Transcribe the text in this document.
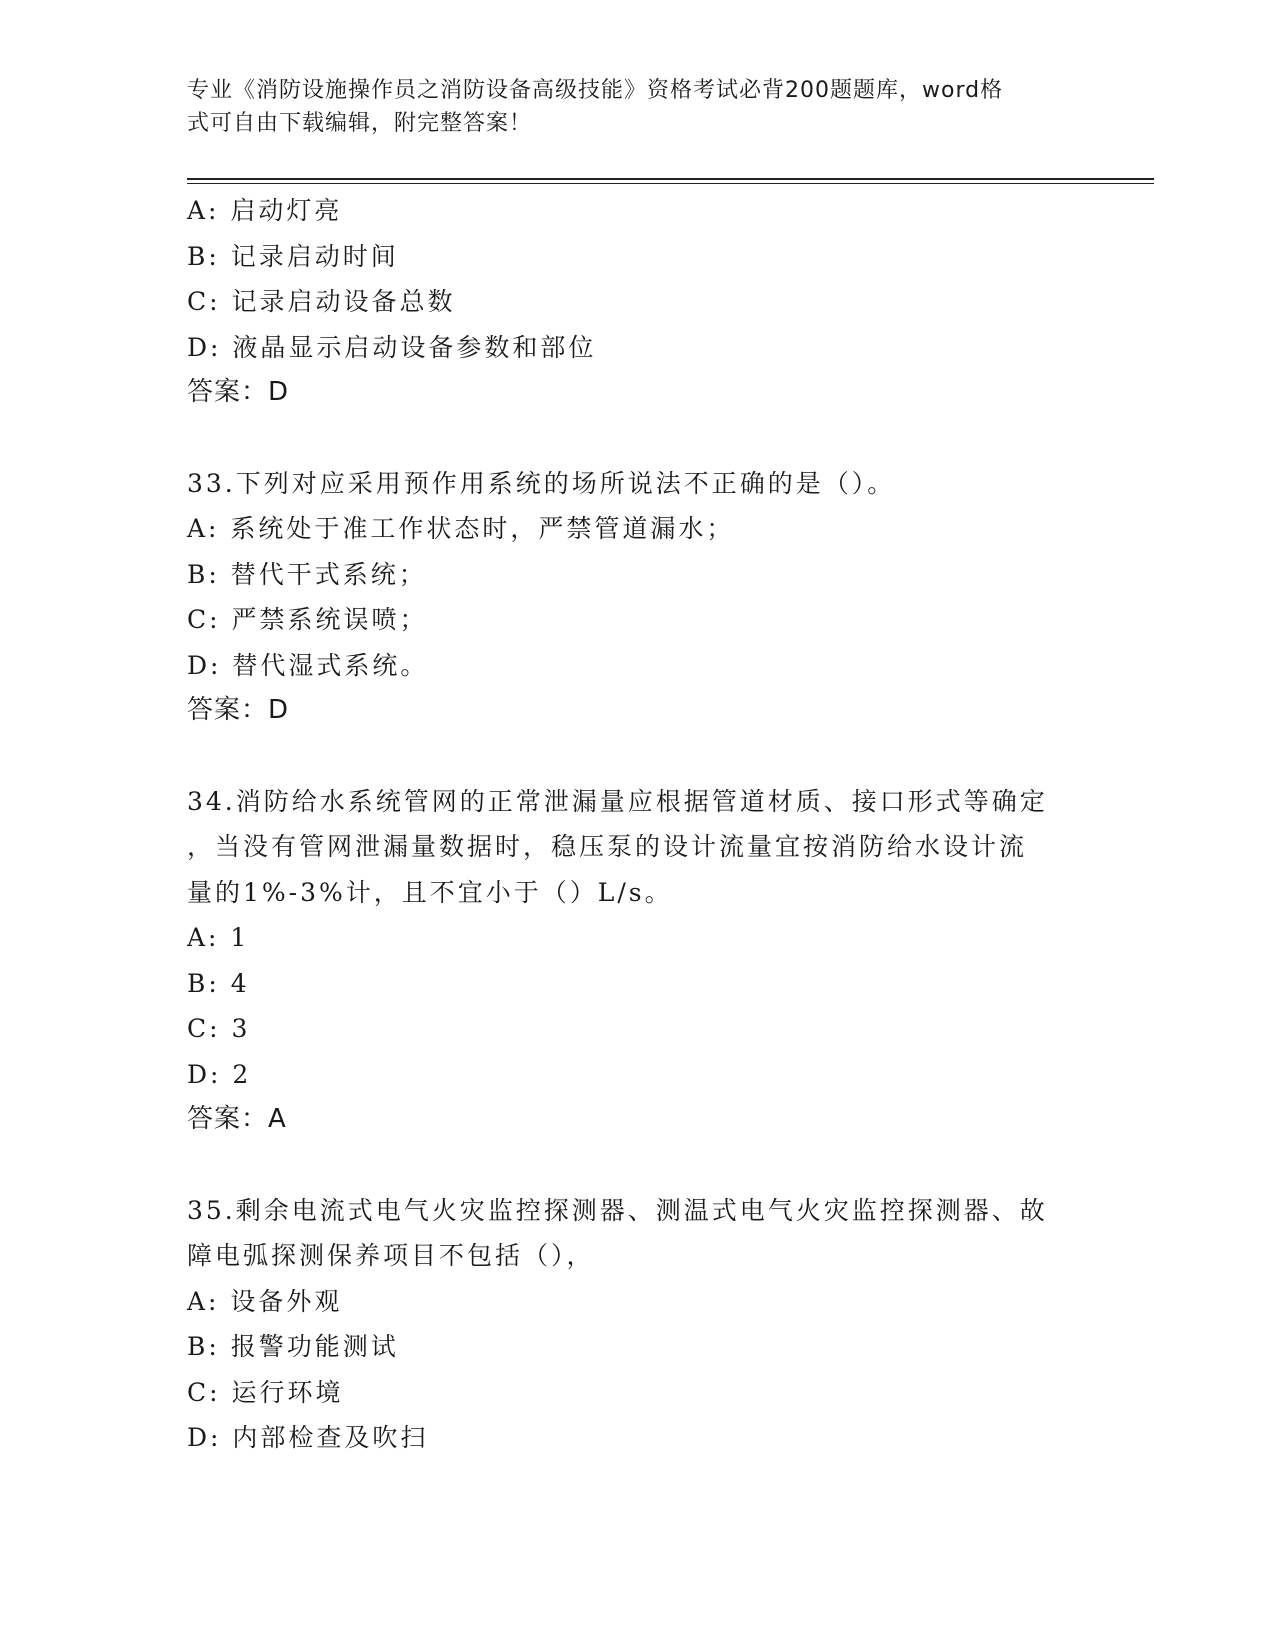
专业《消防设施操作员之消防设备高级技能》资格考试必背200题题库，word格
式可自由下载编辑，附完整答案！
A: 启动灯亮
B: 记录启动时间
C: 记录启动设备总数
D: 液晶显示启动设备参数和部位
答案：D
33.下列对应采用预作用系统的场所说法不正确的是（）。
A: 系统处于准工作状态时，严禁管道漏水；
B: 替代干式系统；
C: 严禁系统误喷；
D: 替代湿式系统。
答案：D
34.消防给水系统管网的正常泄漏量应根据管道材质、接口形式等确定
，当没有管网泄漏量数据时，稳压泵的设计流量宜按消防给水设计流
量的1%-3%计，且不宜小于（）L/s。
A: 1
B: 4
C: 3
D: 2
答案：A
35.剩余电流式电气火灾监控探测器、测温式电气火灾监控探测器、故
障电弧探测保养项目不包括（），
A: 设备外观
B: 报警功能测试
C: 运行环境
D: 内部检查及吹扫
